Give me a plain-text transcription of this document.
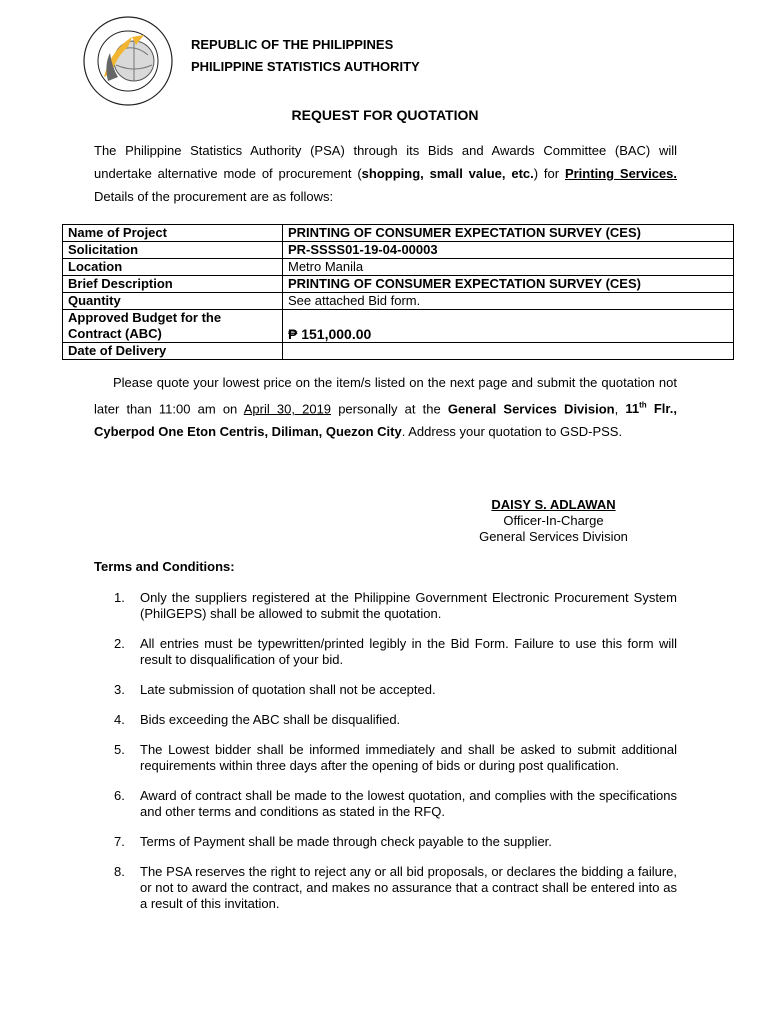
REPUBLIC OF THE PHILIPPINES
PHILIPPINE STATISTICS AUTHORITY
REQUEST FOR QUOTATION
The Philippine Statistics Authority (PSA) through its Bids and Awards Committee (BAC) will undertake alternative mode of procurement (shopping, small value, etc.) for Printing Services. Details of the procurement are as follows:
Name of Project	PRINTING OF CONSUMER EXPECTATION SURVEY (CES)
Solicitation	PR-SSSS01-19-04-00003
Location	Metro Manila
Brief Description	PRINTING OF CONSUMER EXPECTATION SURVEY (CES)
Quantity	See attached Bid form.
Approved Budget for the Contract (ABC)	₱ 151,000.00
Date of Delivery	
Please quote your lowest price on the item/s listed on the next page and submit the quotation not later than 11:00 am on April 30, 2019 personally at the General Services Division, 11th Flr., Cyberpod One Eton Centris, Diliman, Quezon City. Address your quotation to GSD-PSS.
DAISY S. ADLAWAN
Officer-In-Charge
General Services Division
Terms and Conditions:
1. Only the suppliers registered at the Philippine Government Electronic Procurement System (PhilGEPS) shall be allowed to submit the quotation.
2. All entries must be typewritten/printed legibly in the Bid Form. Failure to use this form will result to disqualification of your bid.
3. Late submission of quotation shall not be accepted.
4. Bids exceeding the ABC shall be disqualified.
5. The Lowest bidder shall be informed immediately and shall be asked to submit additional requirements within three days after the opening of bids or during post qualification.
6. Award of contract shall be made to the lowest quotation, and complies with the specifications and other terms and conditions as stated in the RFQ.
7. Terms of Payment shall be made through check payable to the supplier.
8. The PSA reserves the right to reject any or all bid proposals, or declares the bidding a failure, or not to award the contract, and makes no assurance that a contract shall be entered into as a result of this invitation.
